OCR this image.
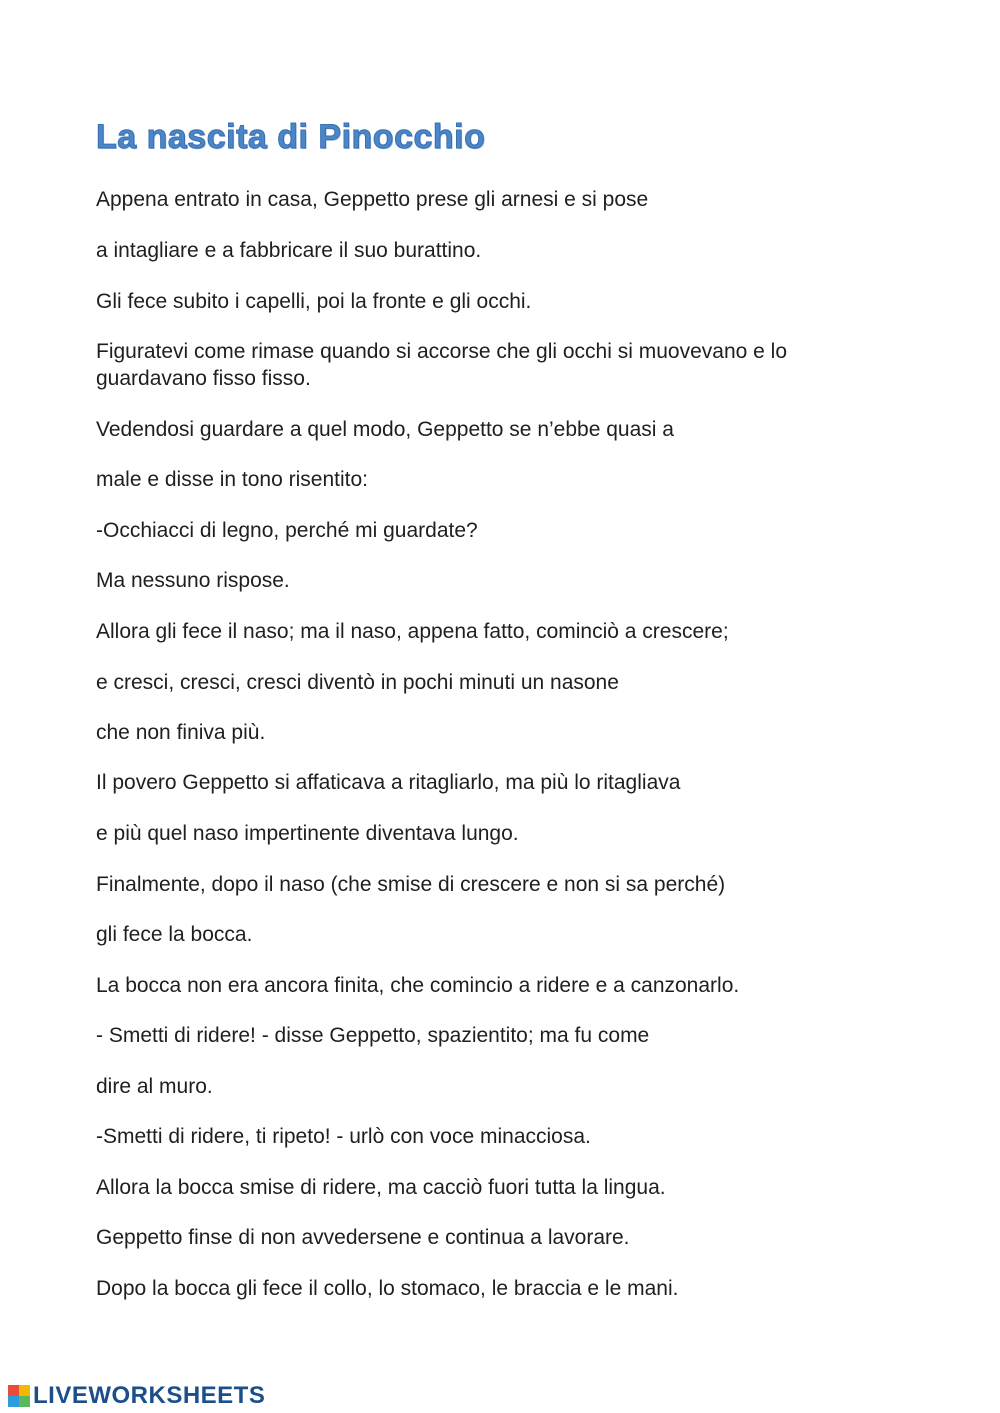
La nascita di Pinocchio

Appena entrato in casa, Geppetto prese gli arnesi e si pose

a intagliare e a fabbricare il suo burattino.

Gli fece subito i capelli, poi la fronte e gli occhi.

Figuratevi come rimase quando si accorse che gli occhi si muovevano e lo guardavano fisso fisso.

Vedendosi guardare a quel modo, Geppetto se n’ebbe quasi a

male e disse in tono risentito:

-Occhiacci di legno, perché mi guardate?

Ma nessuno rispose.

Allora gli fece il naso; ma il naso, appena fatto, cominciò a crescere;

e cresci, cresci, cresci diventò in pochi minuti un nasone

che non finiva più.

Il povero Geppetto si affaticava a ritagliarlo, ma più lo ritagliava

e più quel naso impertinente diventava lungo.

Finalmente, dopo il naso (che smise di crescere e non si sa perché)

gli fece la bocca.

La bocca non era ancora finita, che comincio a ridere e a canzonarlo.

- Smetti di ridere! - disse Geppetto, spazientito; ma fu come

dire al muro.

-Smetti di ridere, ti ripeto! - urlò con voce minacciosa.

Allora la bocca smise di ridere, ma cacciò fuori tutta la lingua.

Geppetto finse di non avvedersene e continua a lavorare.

Dopo la bocca gli fece il collo, lo stomaco, le braccia e le mani.

LIVEWORKSHEETS
